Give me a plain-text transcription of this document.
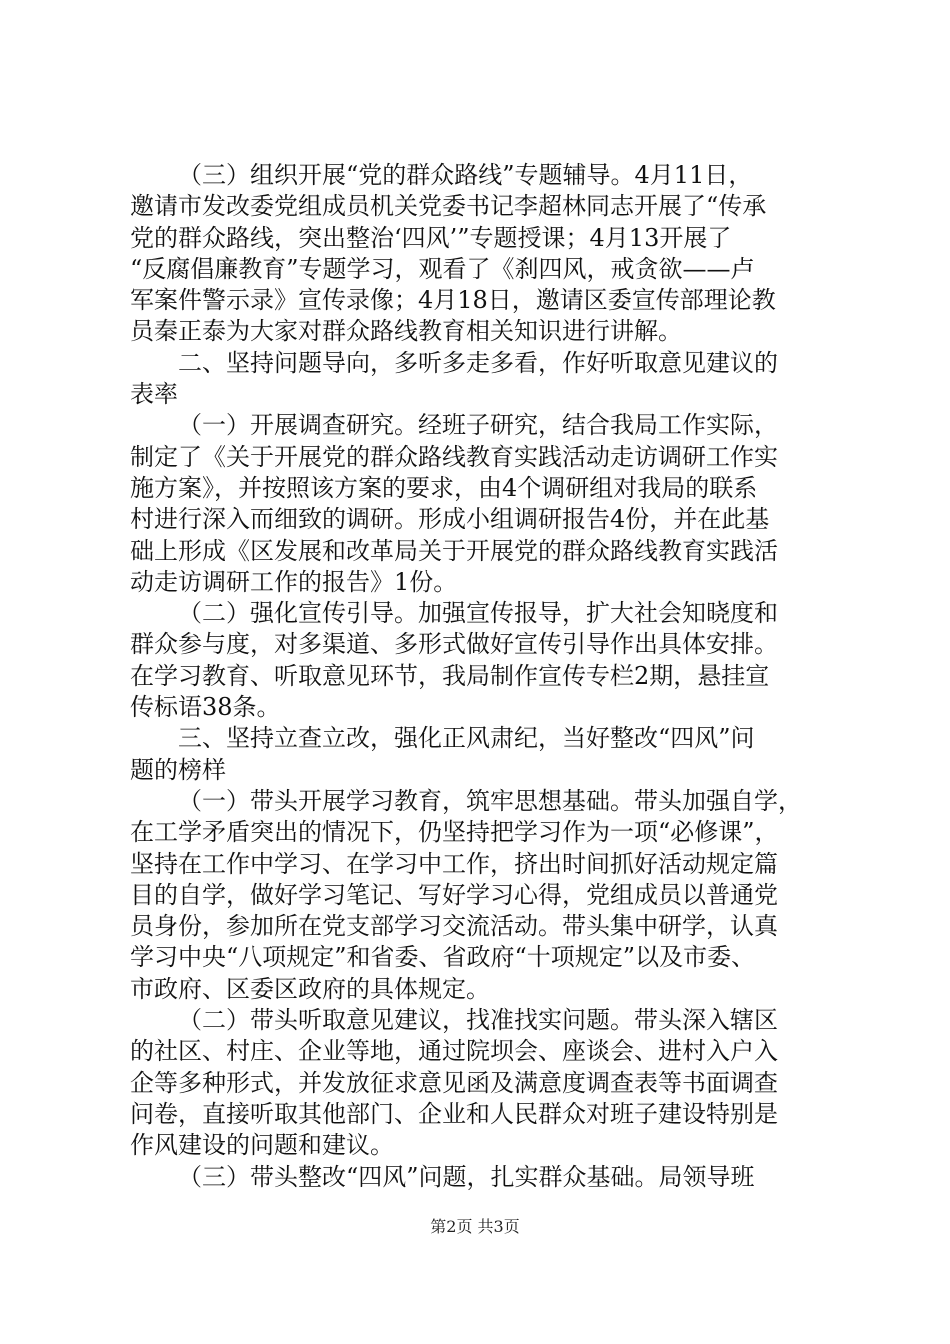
（三）组织开展“党的群众路线”专题辅导。4月11日，
邀请市发改委党组成员机关党委书记李超林同志开展了“传承
党的群众路线，突出整治‘四风’”专题授课；4月13开展了
“反腐倡廉教育”专题学习，观看了《刹四风，戒贪欲——卢
军案件警示录》宣传录像；4月18日，邀请区委宣传部理论教
员秦正泰为大家对群众路线教育相关知识进行讲解。

二、坚持问题导向，多听多走多看，作好听取意见建议的
表率

（一）开展调查研究。经班子研究，结合我局工作实际，
制定了《关于开展党的群众路线教育实践活动走访调研工作实
施方案》，并按照该方案的要求，由4个调研组对我局的联系
村进行深入而细致的调研。形成小组调研报告4份，并在此基
础上形成《区发展和改革局关于开展党的群众路线教育实践活
动走访调研工作的报告》1份。

（二）强化宣传引导。加强宣传报导，扩大社会知晓度和
群众参与度，对多渠道、多形式做好宣传引导作出具体安排。
在学习教育、听取意见环节，我局制作宣传专栏2期，悬挂宣
传标语38条。

三、坚持立查立改，强化正风肃纪，当好整改“四风”问
题的榜样

（一）带头开展学习教育，筑牢思想基础。带头加强自学，
在工学矛盾突出的情况下，仍坚持把学习作为一项“必修课”，
坚持在工作中学习、在学习中工作，挤出时间抓好活动规定篇
目的自学，做好学习笔记、写好学习心得，党组成员以普通党
员身份，参加所在党支部学习交流活动。带头集中研学，认真
学习中央“八项规定”和省委、省政府“十项规定”以及市委、
市政府、区委区政府的具体规定。

（二）带头听取意见建议，找准找实问题。带头深入辖区
的社区、村庄、企业等地，通过院坝会、座谈会、进村入户入
企等多种形式，并发放征求意见函及满意度调查表等书面调查
问卷，直接听取其他部门、企业和人民群众对班子建设特别是
作风建设的问题和建议。

（三）带头整改“四风”问题，扎实群众基础。局领导班

第2页 共3页
